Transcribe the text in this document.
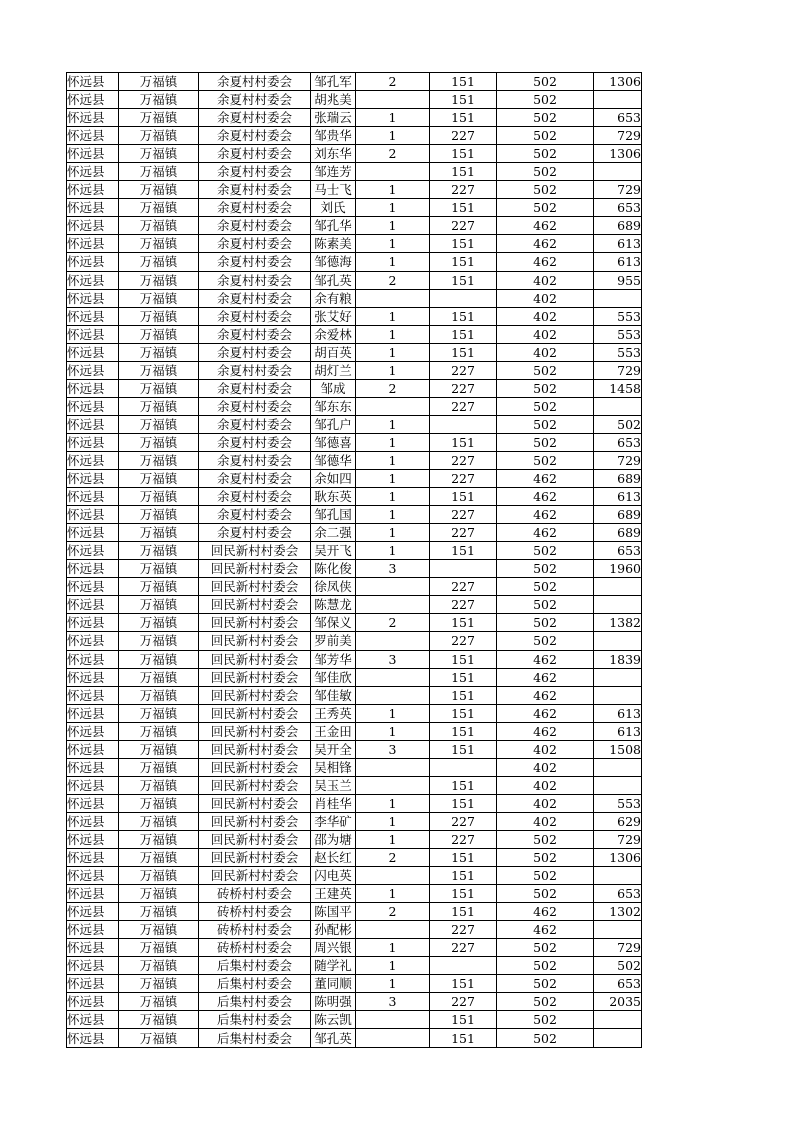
怀远县	万福镇	余夏村村委会	邹孔军	2	151	502	1306
怀远县	万福镇	余夏村村委会	胡兆美		151	502	
怀远县	万福镇	余夏村村委会	张瑞云	1	151	502	653
怀远县	万福镇	余夏村村委会	邹贵华	1	227	502	729
怀远县	万福镇	余夏村村委会	刘东华	2	151	502	1306
怀远县	万福镇	余夏村村委会	邹连芳		151	502	
怀远县	万福镇	余夏村村委会	马士飞	1	227	502	729
怀远县	万福镇	余夏村村委会	刘氏	1	151	502	653
怀远县	万福镇	余夏村村委会	邹孔华	1	227	462	689
怀远县	万福镇	余夏村村委会	陈素美	1	151	462	613
怀远县	万福镇	余夏村村委会	邹德海	1	151	462	613
怀远县	万福镇	余夏村村委会	邹孔英	2	151	402	955
怀远县	万福镇	余夏村村委会	余有粮			402	
怀远县	万福镇	余夏村村委会	张艾好	1	151	402	553
怀远县	万福镇	余夏村村委会	余爱林	1	151	402	553
怀远县	万福镇	余夏村村委会	胡百英	1	151	402	553
怀远县	万福镇	余夏村村委会	胡灯兰	1	227	502	729
怀远县	万福镇	余夏村村委会	邹成	2	227	502	1458
怀远县	万福镇	余夏村村委会	邹东东		227	502	
怀远县	万福镇	余夏村村委会	邹孔户	1		502	502
怀远县	万福镇	余夏村村委会	邹德喜	1	151	502	653
怀远县	万福镇	余夏村村委会	邹德华	1	227	502	729
怀远县	万福镇	余夏村村委会	余如四	1	227	462	689
怀远县	万福镇	余夏村村委会	耿东英	1	151	462	613
怀远县	万福镇	余夏村村委会	邹孔国	1	227	462	689
怀远县	万福镇	余夏村村委会	余二强	1	227	462	689
怀远县	万福镇	回民新村村委会	吴开飞	1	151	502	653
怀远县	万福镇	回民新村村委会	陈化俊	3		502	1960
怀远县	万福镇	回民新村村委会	徐凤侠		227	502	
怀远县	万福镇	回民新村村委会	陈慧龙		227	502	
怀远县	万福镇	回民新村村委会	邹保义	2	151	502	1382
怀远县	万福镇	回民新村村委会	罗前美		227	502	
怀远县	万福镇	回民新村村委会	邹芳华	3	151	462	1839
怀远县	万福镇	回民新村村委会	邹佳欣		151	462	
怀远县	万福镇	回民新村村委会	邹佳敏		151	462	
怀远县	万福镇	回民新村村委会	王秀英	1	151	462	613
怀远县	万福镇	回民新村村委会	王金田	1	151	462	613
怀远县	万福镇	回民新村村委会	吴开全	3	151	402	1508
怀远县	万福镇	回民新村村委会	吴相锋			402	
怀远县	万福镇	回民新村村委会	吴玉兰		151	402	
怀远县	万福镇	回民新村村委会	肖桂华	1	151	402	553
怀远县	万福镇	回民新村村委会	李华矿	1	227	402	629
怀远县	万福镇	回民新村村委会	邵为塘	1	227	502	729
怀远县	万福镇	回民新村村委会	赵长红	2	151	502	1306
怀远县	万福镇	回民新村村委会	闪电英		151	502	
怀远县	万福镇	砖桥村村委会	王建英	1	151	502	653
怀远县	万福镇	砖桥村村委会	陈国平	2	151	462	1302
怀远县	万福镇	砖桥村村委会	孙配彬		227	462	
怀远县	万福镇	砖桥村村委会	周兴银	1	227	502	729
怀远县	万福镇	后集村村委会	随学礼	1		502	502
怀远县	万福镇	后集村村委会	董同顺	1	151	502	653
怀远县	万福镇	后集村村委会	陈明强	3	227	502	2035
怀远县	万福镇	后集村村委会	陈云凯		151	502	
怀远县	万福镇	后集村村委会	邹孔英		151	502	
